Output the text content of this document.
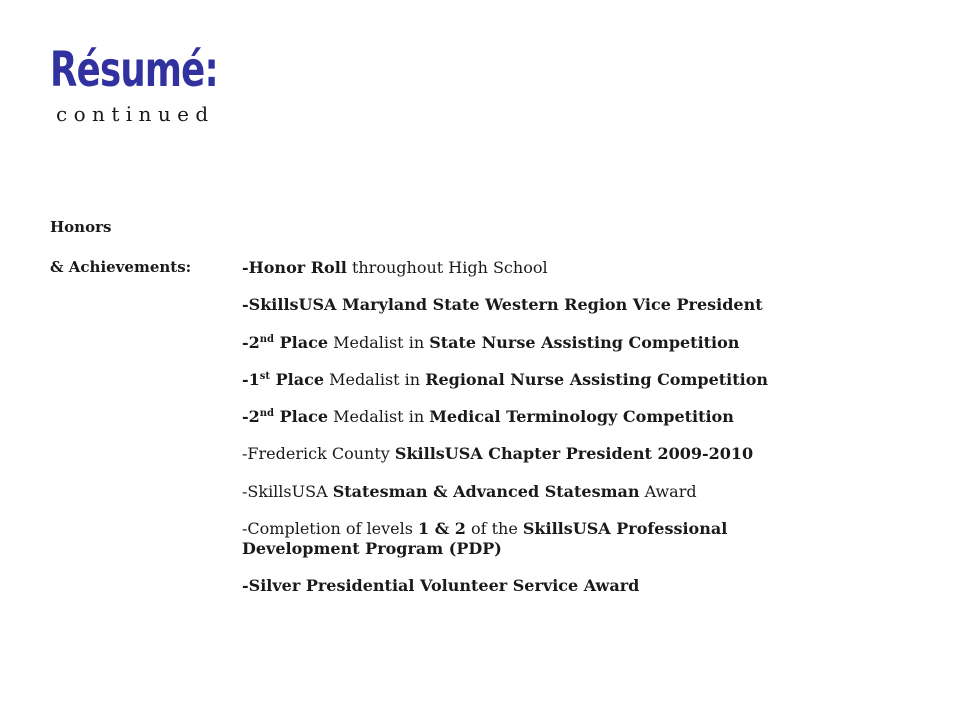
Résumé:
continued
Honors
& Achievements:	-Honor Roll throughout High School
-SkillsUSA Maryland State Western Region Vice President
-2nd Place Medalist in State Nurse Assisting Competition
-1st Place Medalist in Regional Nurse Assisting Competition
-2nd Place Medalist in Medical Terminology Competition
-Frederick County SkillsUSA Chapter President 2009-2010
-SkillsUSA Statesman & Advanced Statesman Award
-Completion of levels 1 & 2 of the SkillsUSA Professional Development Program (PDP)
-Silver Presidential Volunteer Service Award
